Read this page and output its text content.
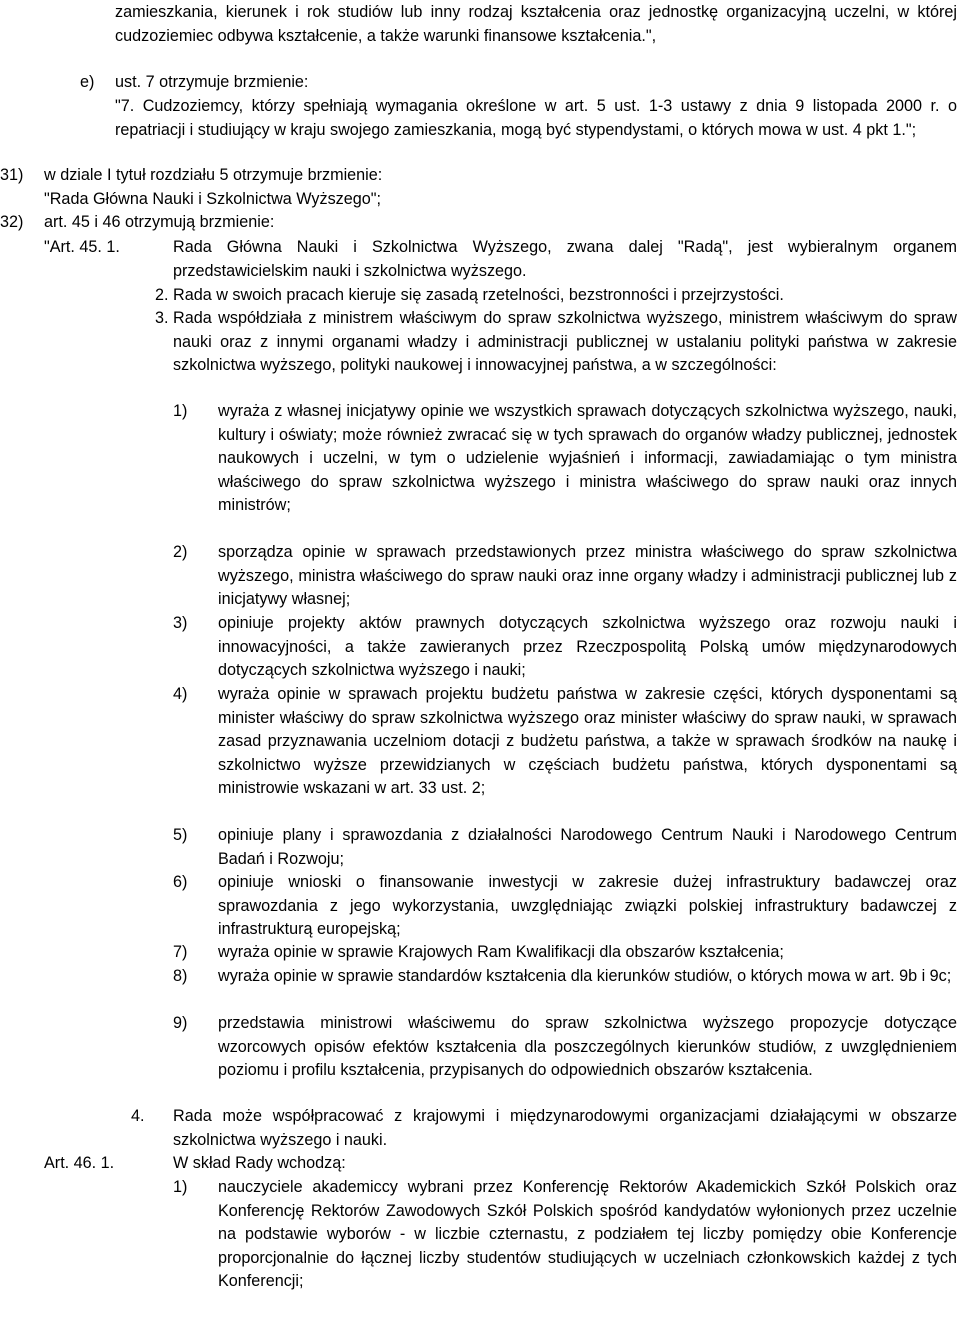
zamieszkania, kierunek i rok studiów lub inny rodzaj kształcenia oraz jednostkę organizacyjną uczelni, w której cudzoziemiec odbywa kształcenie, a także warunki finansowe kształcenia.",
e) ust. 7 otrzymuje brzmienie:
"7. Cudzoziemcy, którzy spełniają wymagania określone w art. 5 ust. 1-3 ustawy z dnia 9 listopada 2000 r. o repatriacji i studiujący w kraju swojego zamieszkania, mogą być stypendystami, o których mowa w ust. 4 pkt 1.";
31) w dziale I tytuł rozdziału 5 otrzymuje brzmienie:
"Rada Główna Nauki i Szkolnictwa Wyższego";
32) art. 45 i 46 otrzymują brzmienie:
"Art. 45. 1.	Rada Główna Nauki i Szkolnictwa Wyższego, zwana dalej "Radą", jest wybieralnym organem przedstawicielskim nauki i szkolnictwa wyższego.
2. Rada w swoich pracach kieruje się zasadą rzetelności, bezstronności i przejrzystości.
3. Rada współdziała z ministrem właściwym do spraw szkolnictwa wyższego, ministrem właściwym do spraw nauki oraz z innymi organami władzy i administracji publicznej w ustalaniu polityki państwa w zakresie szkolnictwa wyższego, polityki naukowej i innowacyjnej państwa, a w szczególności:
1) wyraża z własnej inicjatywy opinie we wszystkich sprawach dotyczących szkolnictwa wyższego, nauki, kultury i oświaty; może również zwracać się w tych sprawach do organów władzy publicznej, jednostek naukowych i uczelni, w tym o udzielenie wyjaśnień i informacji, zawiadamiając o tym ministra właściwego do spraw szkolnictwa wyższego i ministra właściwego do spraw nauki oraz innych ministrów;
2) sporządza opinie w sprawach przedstawionych przez ministra właściwego do spraw szkolnictwa wyższego, ministra właściwego do spraw nauki oraz inne organy władzy i administracji publicznej lub z inicjatywy własnej;
3) opiniuje projekty aktów prawnych dotyczących szkolnictwa wyższego oraz rozwoju nauki i innowacyjności, a także zawieranych przez Rzeczpospolitą Polską umów międzynarodowych dotyczących szkolnictwa wyższego i nauki;
4) wyraża opinie w sprawach projektu budżetu państwa w zakresie części, których dysponentami są minister właściwy do spraw szkolnictwa wyższego oraz minister właściwy do spraw nauki, w sprawach zasad przyznawania uczelniom dotacji z budżetu państwa, a także w sprawach środków na naukę i szkolnictwo wyższe przewidzianych w częściach budżetu państwa, których dysponentami są ministrowie wskazani w art. 33 ust. 2;
5) opiniuje plany i sprawozdania z działalności Narodowego Centrum Nauki i Narodowego Centrum Badań i Rozwoju;
6) opiniuje wnioski o finansowanie inwestycji w zakresie dużej infrastruktury badawczej oraz sprawozdania z jego wykorzystania, uwzględniając związki polskiej infrastruktury badawczej z infrastrukturą europejską;
7) wyraża opinie w sprawie Krajowych Ram Kwalifikacji dla obszarów kształcenia;
8) wyraża opinie w sprawie standardów kształcenia dla kierunków studiów, o których mowa w art. 9b i 9c;
9) przedstawia ministrowi właściwemu do spraw szkolnictwa wyższego propozycje dotyczące wzorcowych opisów efektów kształcenia dla poszczególnych kierunków studiów, z uwzględnieniem poziomu i profilu kształcenia, przypisanych do odpowiednich obszarów kształcenia.
4. Rada może współpracować z krajowymi i międzynarodowymi organizacjami działającymi w obszarze szkolnictwa wyższego i nauki.
Art. 46. 1.	W skład Rady wchodzą:
1) nauczyciele akademiccy wybrani przez Konferencję Rektorów Akademickich Szkół Polskich oraz Konferencję Rektorów Zawodowych Szkół Polskich spośród kandydatów wyłonionych przez uczelnie na podstawie wyborów - w liczbie czternastu, z podziałem tej liczby pomiędzy obie Konferencje proporcjonalnie do łącznej liczby studentów studiujących w uczelniach członkowskich każdej z tych Konferencji;
